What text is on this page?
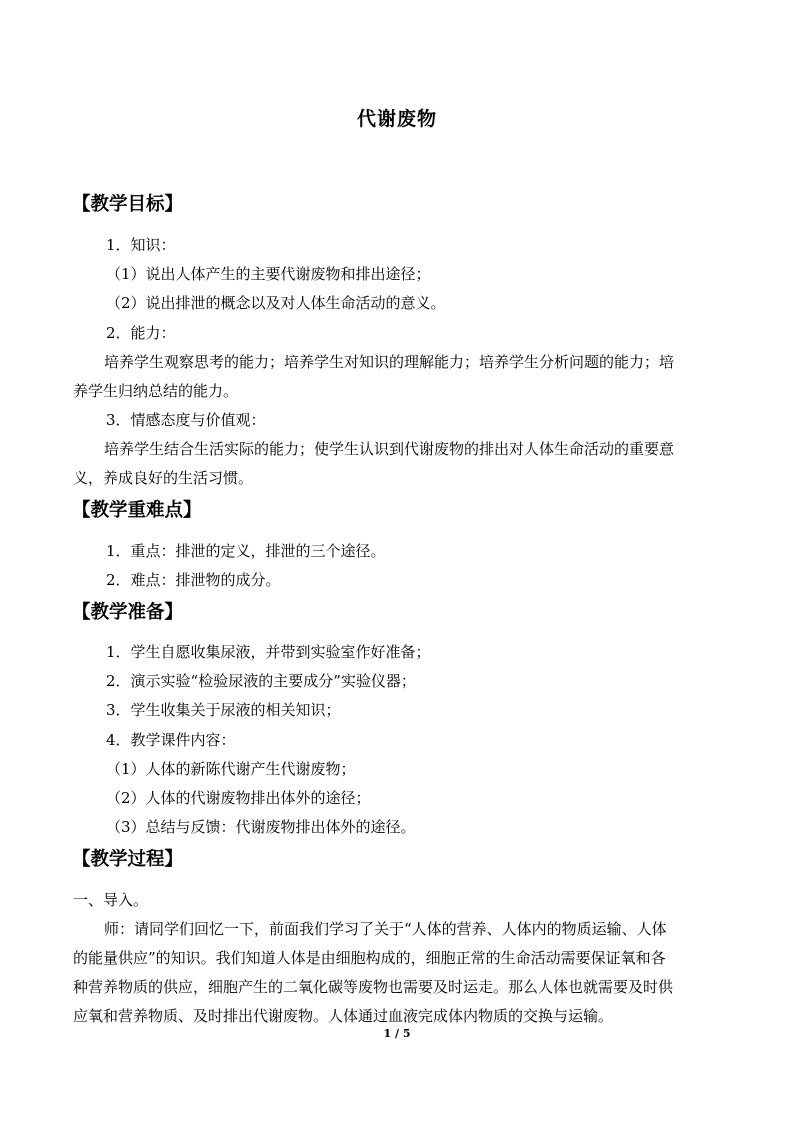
代谢废物
【教学目标】
1．知识：
（1）说出人体产生的主要代谢废物和排出途径；
（2）说出排泄的概念以及对人体生命活动的意义。
2．能力：
培养学生观察思考的能力；培养学生对知识的理解能力；培养学生分析问题的能力；培
养学生归纳总结的能力。
3．情感态度与价值观：
培养学生结合生活实际的能力；使学生认识到代谢废物的排出对人体生命活动的重要意
义，养成良好的生活习惯。
【教学重难点】
1．重点：排泄的定义，排泄的三个途径。
2．难点：排泄物的成分。
【教学准备】
1．学生自愿收集尿液，并带到实验室作好准备；
2．演示实验“检验尿液的主要成分”实验仪器；
3．学生收集关于尿液的相关知识；
4．教学课件内容：
（1）人体的新陈代谢产生代谢废物；
（2）人体的代谢废物排出体外的途径；
（3）总结与反馈：代谢废物排出体外的途径。
【教学过程】
一、导入。
师：请同学们回忆一下，前面我们学习了关于“人体的营养、人体内的物质运输、人体
的能量供应”的知识。我们知道人体是由细胞构成的，细胞正常的生命活动需要保证氧和各
种营养物质的供应，细胞产生的二氧化碳等废物也需要及时运走。那么人体也就需要及时供
应氧和营养物质、及时排出代谢废物。人体通过血液完成体内物质的交换与运输。
1 / 5
